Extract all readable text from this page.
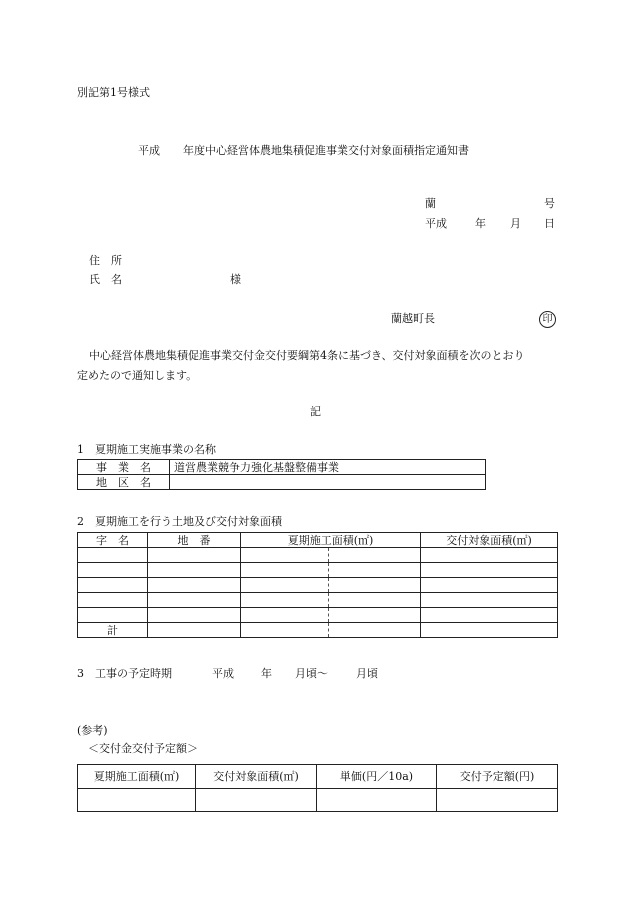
別記第1号様式
平成 年度中心経営体農地集積促進事業交付対象面積指定通知書
蘭	号
平成	年 月 日
住　所
氏　名	様
蘭越町長	印
中心経営体農地集積促進事業交付金交付要綱第4条に基づき、交付対象面積を次のとおり
定めたので通知します。
記
1　夏期施工実施事業の名称
事　業　名	道営農業競争力強化基盤整備事業
地　区　名	
2　夏期施工を行う土地及び交付対象面積
字　名	地　番	夏期施工面積(㎡)		交付対象面積(㎡)

計				
3　工事の予定時期	平成 年 月頃～	月頃
(参考)
＜交付金交付予定額＞
夏期施工面積(㎡)	交付対象面積(㎡)	単価(円／10a)	交付予定額(円)
